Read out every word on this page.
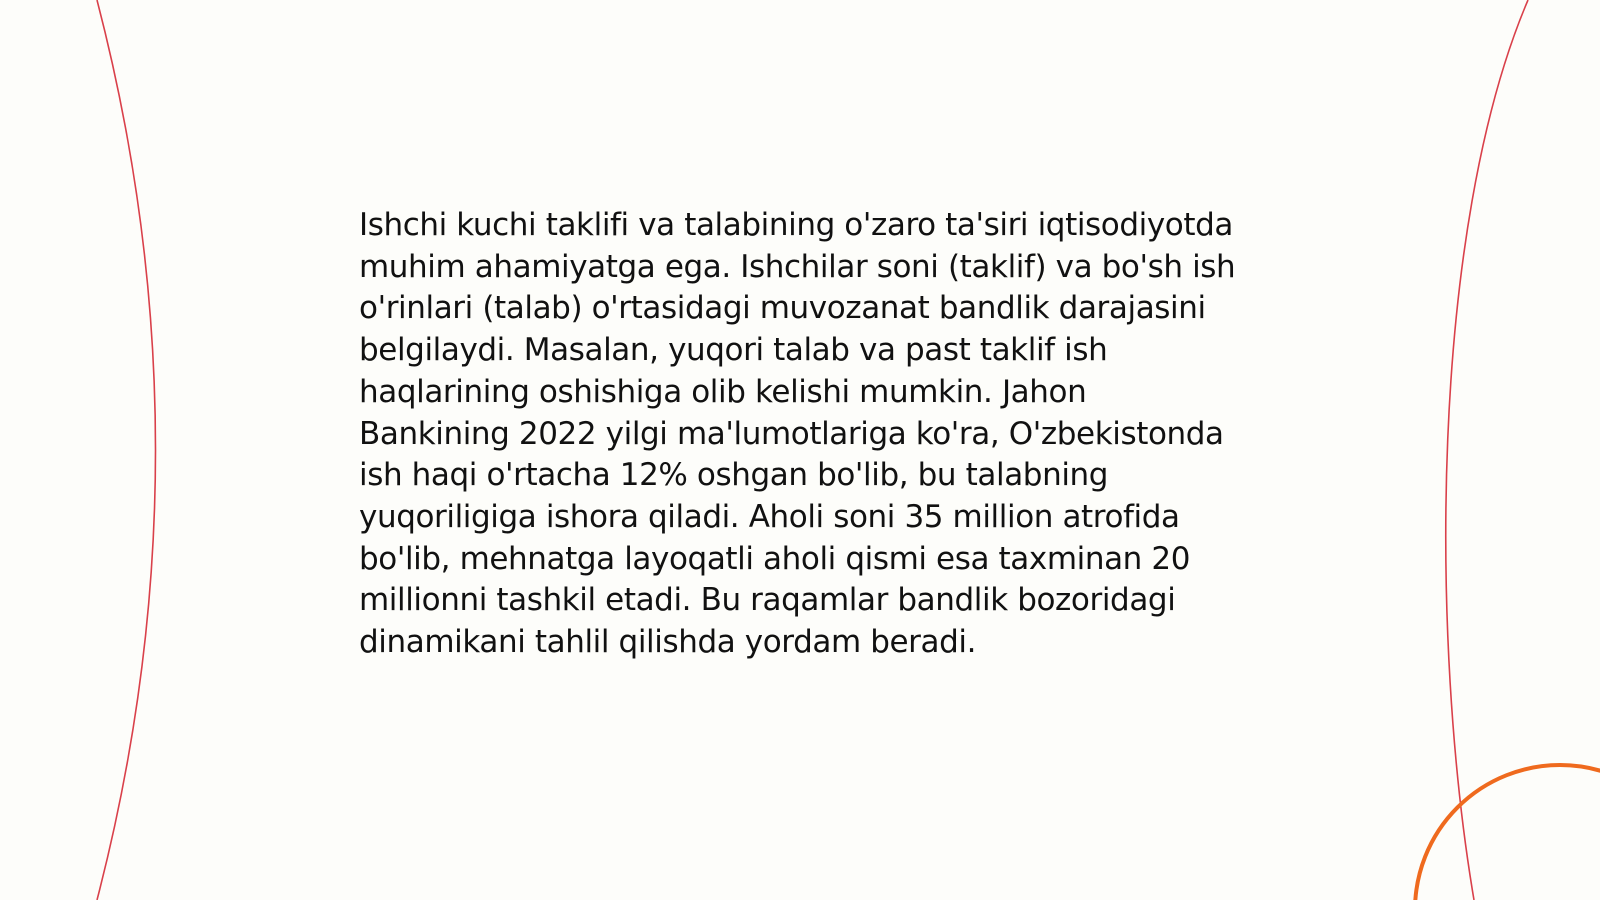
Ishchi kuchi taklifi va talabining o'zaro ta'siri iqtisodiyotda muhim ahamiyatga ega. Ishchilar soni (taklif) va bo'sh ish o'rinlari (talab) o'rtasidagi muvozanat bandlik darajasini belgilaydi. Masalan, yuqori talab va past taklif ish haqlarining oshishiga olib kelishi mumkin. Jahon Bankining 2022 yilgi ma'lumotlariga ko'ra, O'zbekistonda ish haqi o'rtacha 12% oshgan bo'lib, bu talabning yuqoriligiga ishora qiladi. Aholi soni 35 million atrofida bo'lib, mehnatga layoqatli aholi qismi esa taxminan 20 millionni tashkil etadi. Bu raqamlar bandlik bozoridagi dinamikani tahlil qilishda yordam beradi.
